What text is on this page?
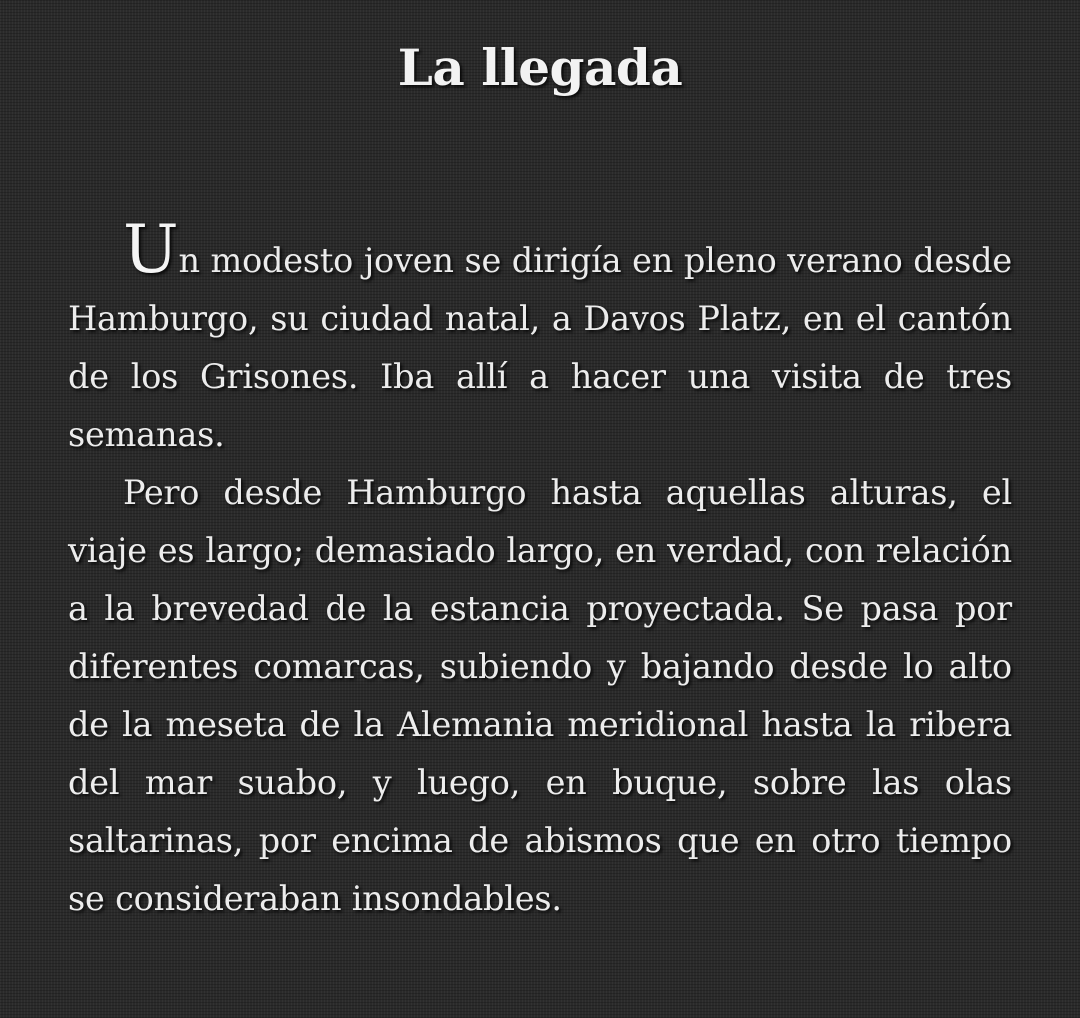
La llegada

Un modesto joven se dirigía en pleno verano desde Hamburgo, su ciudad natal, a Davos Platz, en el cantón de los Grisones. Iba allí a hacer una visita de tres semanas.

Pero desde Hamburgo hasta aquellas alturas, el viaje es largo; demasiado largo, en verdad, con relación a la brevedad de la estancia proyectada. Se pasa por diferentes comarcas, subiendo y bajando desde lo alto de la meseta de la Alemania meridional hasta la ribera del mar suabo, y luego, en buque, sobre las olas saltarinas, por encima de abismos que en otro tiempo se consideraban insondables.
